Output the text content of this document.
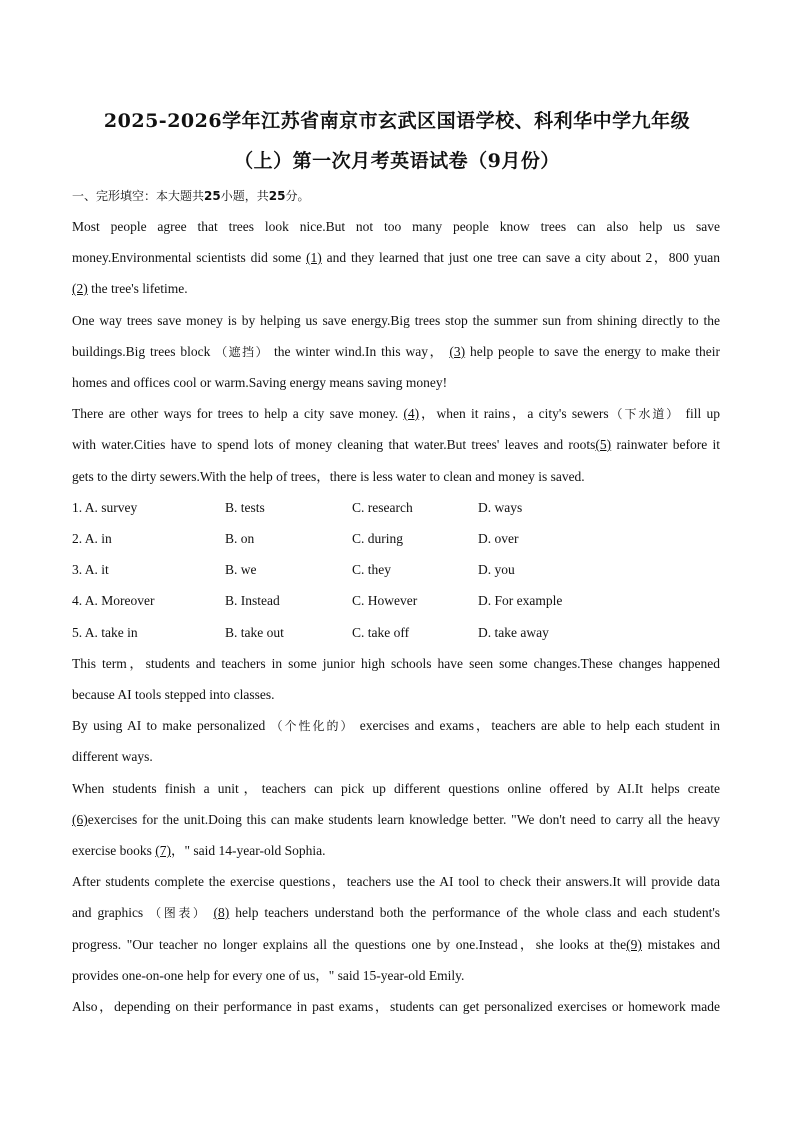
2025-2026学年江苏省南京市玄武区国语学校、科利华中学九年级
（上）第一次月考英语试卷（9月份）
一、完形填空：本大题共25小题，共25分。
Most people agree that trees look nice.But not too many people know trees can also help us save
money.Environmental scientists did some (1) and they learned that just one tree can save a city about 2，800 yuan
(2) the tree's lifetime.
One way trees save money is by helping us save energy.Big trees stop the summer sun from shining directly to the
buildings.Big trees block （遮挡） the winter wind.In this way， (3) help people to save the energy to make their
homes and offices cool or warm.Saving energy means saving money!
There are other ways for trees to help a city save money. (4)，when it rains，a city's sewers（下水道） fill up
with water.Cities have to spend lots of money cleaning that water.But trees' leaves and roots(5) rainwater before it
gets to the dirty sewers.With the help of trees，there is less water to clean and money is saved.
1. A. survey	B. tests	C. research	D. ways
2. A. in	B. on	C. during	D. over
3. A. it	B. we	C. they	D. you
4. A. Moreover	B. Instead	C. However	D. For example
5. A. take in	B. take out	C. take off	D. take away
This term，students and teachers in some junior high schools have seen some changes.These changes happened
because AI tools stepped into classes.
By using AI to make personalized （个性化的） exercises and exams，teachers are able to help each student in
different ways.
When students finish a unit，teachers can pick up different questions online offered by AI.It helps create
(6)exercises for the unit.Doing this can make students learn knowledge better. "We don't need to carry all the heavy
exercise books (7)，" said 14-year-old Sophia.
After students complete the exercise questions，teachers use the AI tool to check their answers.It will provide data
and graphics （图表） (8) help teachers understand both the performance of the whole class and each student's
progress. "Our teacher no longer explains all the questions one by one.Instead，she looks at the(9) mistakes and
provides one-on-one help for every one of us，" said 15-year-old Emily.
Also，depending on their performance in past exams，students can get personalized exercises or homework made
